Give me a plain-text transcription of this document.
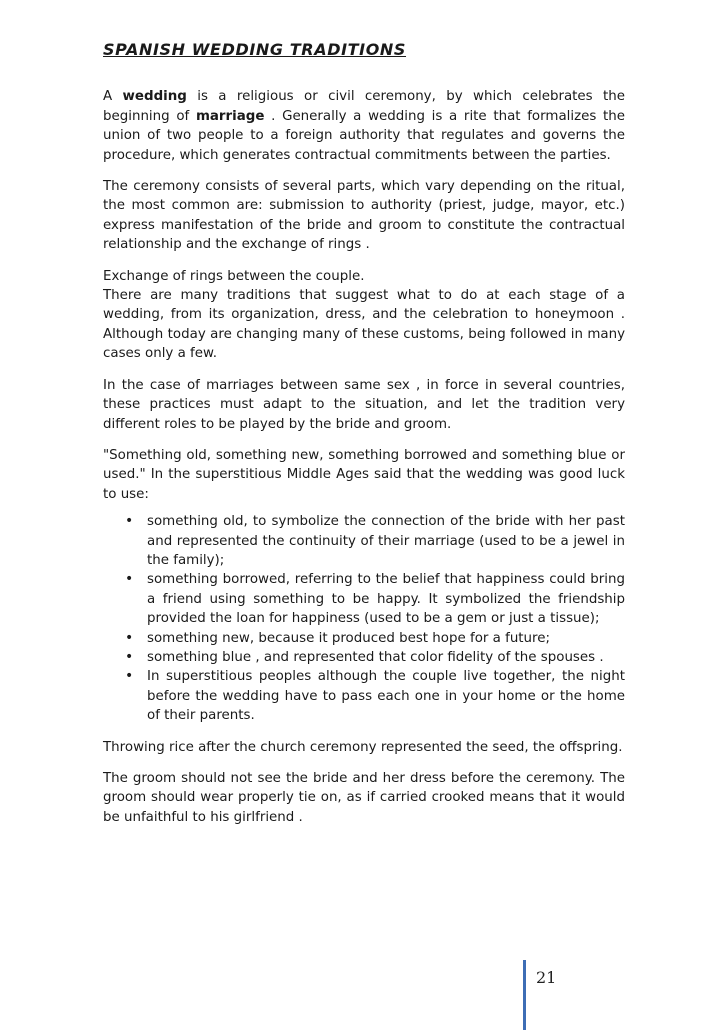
SPANISH WEDDING TRADITIONS

A wedding is a religious or civil ceremony, by which celebrates the beginning of marriage . Generally a wedding is a rite that formalizes the union of two people to a foreign authority that regulates and governs the procedure, which generates contractual commitments between the parties.

The ceremony consists of several parts, which vary depending on the ritual, the most common are: submission to authority (priest, judge, mayor, etc.) express manifestation of the bride and groom to constitute the contractual relationship and the exchange of rings .

Exchange of rings between the couple.
There are many traditions that suggest what to do at each stage of a wedding, from its organization, dress, and the celebration to honeymoon . Although today are changing many of these customs, being followed in many cases only a few.

In the case of marriages between same sex , in force in several countries, these practices must adapt to the situation, and let the tradition very different roles to be played by the bride and groom.

"Something old, something new, something borrowed and something blue or used." In the superstitious Middle Ages said that the wedding was good luck to use:

• something old, to symbolize the connection of the bride with her past and represented the continuity of their marriage (used to be a jewel in the family);
• something borrowed, referring to the belief that happiness could bring a friend using something to be happy. It symbolized the friendship provided the loan for happiness (used to be a gem or just a tissue);
• something new, because it produced best hope for a future;
• something blue , and represented that color fidelity of the spouses .
• In superstitious peoples although the couple live together, the night before the wedding have to pass each one in your home or the home of their parents.

Throwing rice after the church ceremony represented the seed, the offspring.

The groom should not see the bride and her dress before the ceremony. The groom should wear properly tie on, as if carried crooked means that it would be unfaithful to his girlfriend .

21
